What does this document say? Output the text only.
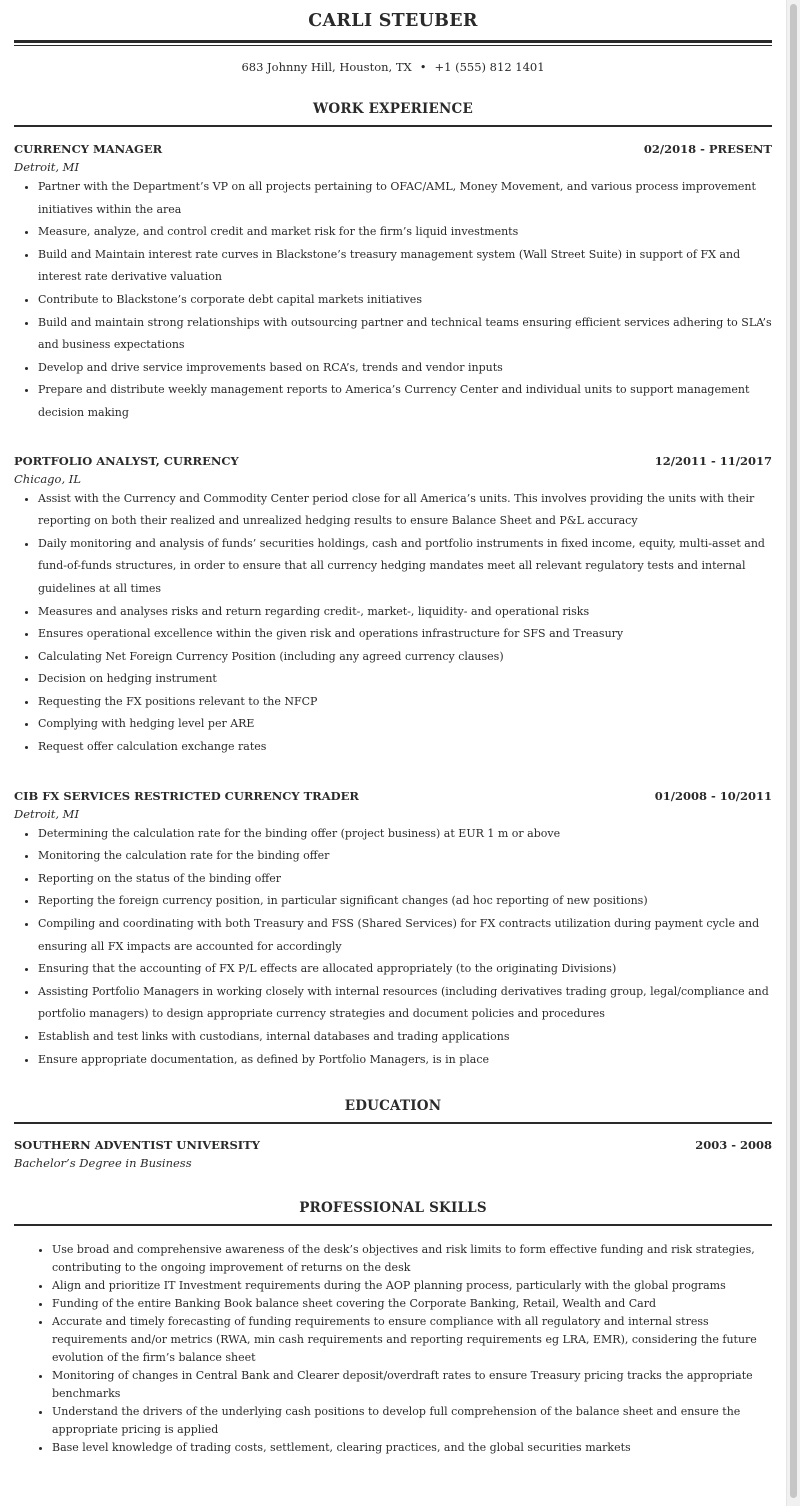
CARLI STEUBER
683 Johnny Hill, Houston, TX • +1 (555) 812 1401
WORK EXPERIENCE
CURRENCY MANAGER	02/2018 - PRESENT
Detroit, MI
• Partner with the Department’s VP on all projects pertaining to OFAC/AML, Money Movement, and various process improvement initiatives within the area
• Measure, analyze, and control credit and market risk for the firm’s liquid investments
• Build and Maintain interest rate curves in Blackstone’s treasury management system (Wall Street Suite) in support of FX and interest rate derivative valuation
• Contribute to Blackstone’s corporate debt capital markets initiatives
• Build and maintain strong relationships with outsourcing partner and technical teams ensuring efficient services adhering to SLA’s and business expectations
• Develop and drive service improvements based on RCA’s, trends and vendor inputs
• Prepare and distribute weekly management reports to America’s Currency Center and individual units to support management decision making
PORTFOLIO ANALYST, CURRENCY	12/2011 - 11/2017
Chicago, IL
• Assist with the Currency and Commodity Center period close for all America’s units. This involves providing the units with their reporting on both their realized and unrealized hedging results to ensure Balance Sheet and P&L accuracy
• Daily monitoring and analysis of funds’ securities holdings, cash and portfolio instruments in fixed income, equity, multi-asset and fund-of-funds structures, in order to ensure that all currency hedging mandates meet all relevant regulatory tests and internal guidelines at all times
• Measures and analyses risks and return regarding credit-, market-, liquidity- and operational risks
• Ensures operational excellence within the given risk and operations infrastructure for SFS and Treasury
• Calculating Net Foreign Currency Position (including any agreed currency clauses)
• Decision on hedging instrument
• Requesting the FX positions relevant to the NFCP
• Complying with hedging level per ARE
• Request offer calculation exchange rates
CIB FX SERVICES RESTRICTED CURRENCY TRADER	01/2008 - 10/2011
Detroit, MI
• Determining the calculation rate for the binding offer (project business) at EUR 1 m or above
• Monitoring the calculation rate for the binding offer
• Reporting on the status of the binding offer
• Reporting the foreign currency position, in particular significant changes (ad hoc reporting of new positions)
• Compiling and coordinating with both Treasury and FSS (Shared Services) for FX contracts utilization during payment cycle and ensuring all FX impacts are accounted for accordingly
• Ensuring that the accounting of FX P/L effects are allocated appropriately (to the originating Divisions)
• Assisting Portfolio Managers in working closely with internal resources (including derivatives trading group, legal/compliance and portfolio managers) to design appropriate currency strategies and document policies and procedures
• Establish and test links with custodians, internal databases and trading applications
• Ensure appropriate documentation, as defined by Portfolio Managers, is in place
EDUCATION
SOUTHERN ADVENTIST UNIVERSITY	2003 - 2008
Bachelor’s Degree in Business
PROFESSIONAL SKILLS
• Use broad and comprehensive awareness of the desk’s objectives and risk limits to form effective funding and risk strategies, contributing to the ongoing improvement of returns on the desk
• Align and prioritize IT Investment requirements during the AOP planning process, particularly with the global programs
• Funding of the entire Banking Book balance sheet covering the Corporate Banking, Retail, Wealth and Card
• Accurate and timely forecasting of funding requirements to ensure compliance with all regulatory and internal stress requirements and/or metrics (RWA, min cash requirements and reporting requirements eg LRA, EMR), considering the future evolution of the firm’s balance sheet
• Monitoring of changes in Central Bank and Clearer deposit/overdraft rates to ensure Treasury pricing tracks the appropriate benchmarks
• Understand the drivers of the underlying cash positions to develop full comprehension of the balance sheet and ensure the appropriate pricing is applied
• Base level knowledge of trading costs, settlement, clearing practices, and the global securities markets
